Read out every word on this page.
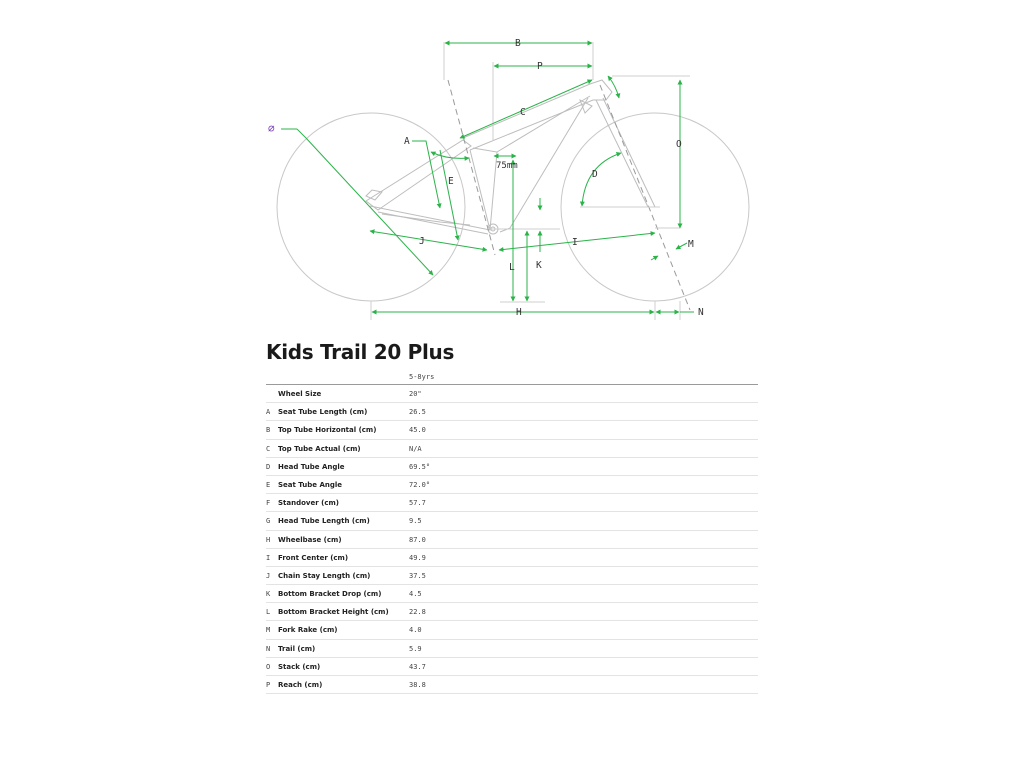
B
P
C
A	O
D
E
75mm
J	I	M
L K
H	N
⌀
Kids Trail 20 Plus
5-8yrs
Wheel Size	20"
A Seat Tube Length (cm)	26.5
B Top Tube Horizontal (cm)	45.0
C Top Tube Actual (cm)	N/A
D Head Tube Angle	69.5°
E Seat Tube Angle	72.0°
F Standover (cm)	57.7
G Head Tube Length (cm)	9.5
H Wheelbase (cm)	87.0
I Front Center (cm)	49.9
J Chain Stay Length (cm)	37.5
K Bottom Bracket Drop (cm)	4.5
L Bottom Bracket Height (cm)	22.8
M Fork Rake (cm)	4.0
N Trail (cm)	5.9
O Stack (cm)	43.7
P Reach (cm)	38.8
